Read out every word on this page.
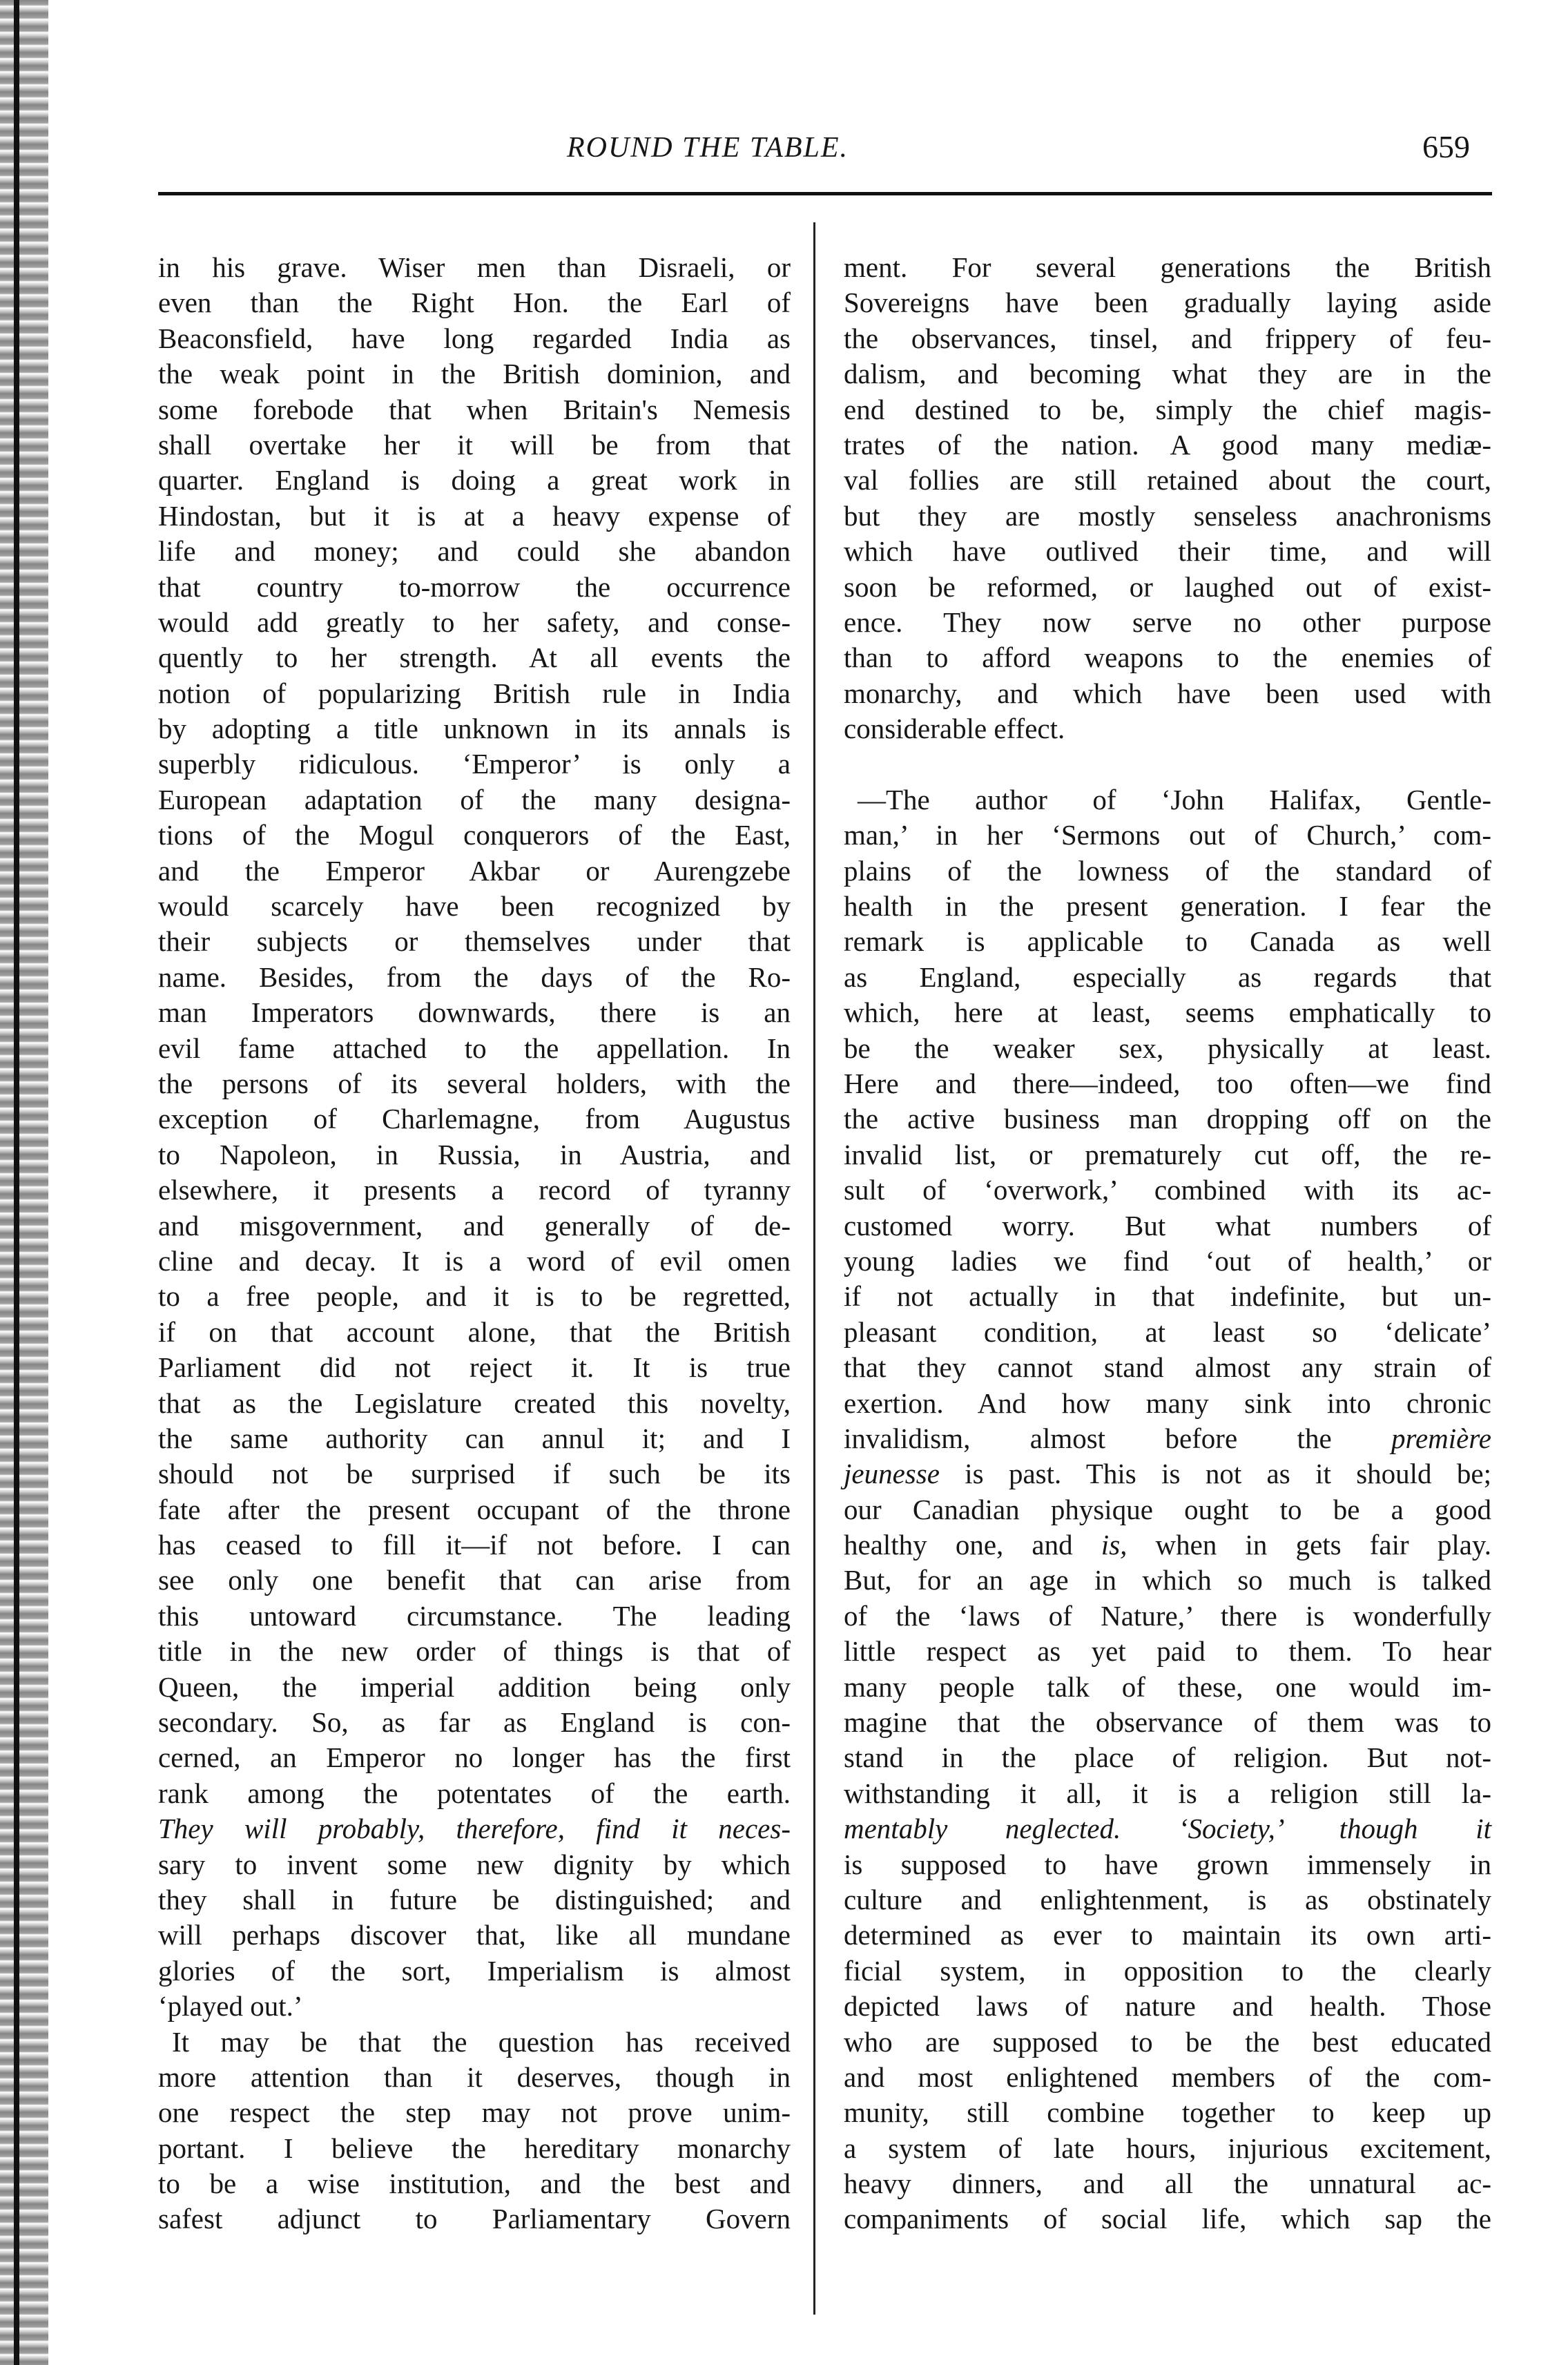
ROUND THE TABLE.	659
in his grave. Wiser men than Disraeli, or
even than the Right Hon. the Earl of
Beaconsfield, have long regarded India as
the weak point in the British dominion, and
some forebode that when Britain's Nemesis
shall overtake her it will be from that
quarter. England is doing a great work in
Hindostan, but it is at a heavy expense of
life and money; and could she abandon
that country to-morrow the occurrence
would add greatly to her safety, and conse-
quently to her strength. At all events the
notion of popularizing British rule in India
by adopting a title unknown in its annals is
superbly ridiculous. ‘Emperor’ is only a
European adaptation of the many designa-
tions of the Mogul conquerors of the East,
and the Emperor Akbar or Aurengzebe
would scarcely have been recognized by
their subjects or themselves under that
name. Besides, from the days of the Ro-
man Imperators downwards, there is an
evil fame attached to the appellation. In
the persons of its several holders, with the
exception of Charlemagne, from Augustus
to Napoleon, in Russia, in Austria, and
elsewhere, it presents a record of tyranny
and misgovernment, and generally of de-
cline and decay. It is a word of evil omen
to a free people, and it is to be regretted,
if on that account alone, that the British
Parliament did not reject it. It is true
that as the Legislature created this novelty,
the same authority can annul it; and I
should not be surprised if such be its
fate after the present occupant of the throne
has ceased to fill it—if not before. I can
see only one benefit that can arise from
this untoward circumstance. The leading
title in the new order of things is that of
Queen, the imperial addition being only
secondary. So, as far as England is con-
cerned, an Emperor no longer has the first
rank among the potentates of the earth.
They will probably, therefore, find it neces-
sary to invent some new dignity by which
they shall in future be distinguished; and
will perhaps discover that, like all mundane
glories of the sort, Imperialism is almost
‘played out.’
It may be that the question has received
more attention than it deserves, though in
one respect the step may not prove unim-
portant. I believe the hereditary monarchy
to be a wise institution, and the best and
safest adjunct to Parliamentary Govern
ment. For several generations the British
Sovereigns have been gradually laying aside
the observances, tinsel, and frippery of feu-
dalism, and becoming what they are in the
end destined to be, simply the chief magis-
trates of the nation. A good many mediæ-
val follies are still retained about the court,
but they are mostly senseless anachronisms
which have outlived their time, and will
soon be reformed, or laughed out of exist-
ence. They now serve no other purpose
than to afford weapons to the enemies of
monarchy, and which have been used with
considerable effect.
—The author of ‘John Halifax, Gentle-
man,’ in her ‘Sermons out of Church,’ com-
plains of the lowness of the standard of
health in the present generation. I fear the
remark is applicable to Canada as well
as England, especially as regards that
which, here at least, seems emphatically to
be the weaker sex, physically at least.
Here and there—indeed, too often—we find
the active business man dropping off on the
invalid list, or prematurely cut off, the re-
sult of ‘overwork,’ combined with its ac-
customed worry. But what numbers of
young ladies we find ‘out of health,’ or
if not actually in that indefinite, but un-
pleasant condition, at least so ‘delicate’
that they cannot stand almost any strain of
exertion. And how many sink into chronic
invalidism, almost before the première
jeunesse is past. This is not as it should be;
our Canadian physique ought to be a good
healthy one, and is, when in gets fair play.
But, for an age in which so much is talked
of the ‘laws of Nature,’ there is wonderfully
little respect as yet paid to them. To hear
many people talk of these, one would im-
magine that the observance of them was to
stand in the place of religion. But not-
withstanding it all, it is a religion still la-
mentably neglected. ‘Society,’ though it
is supposed to have grown immensely in
culture and enlightenment, is as obstinately
determined as ever to maintain its own arti-
ficial system, in opposition to the clearly
depicted laws of nature and health. Those
who are supposed to be the best educated
and most enlightened members of the com-
munity, still combine together to keep up
a system of late hours, injurious excitement,
heavy dinners, and all the unnatural ac-
companiments of social life, which sap the
